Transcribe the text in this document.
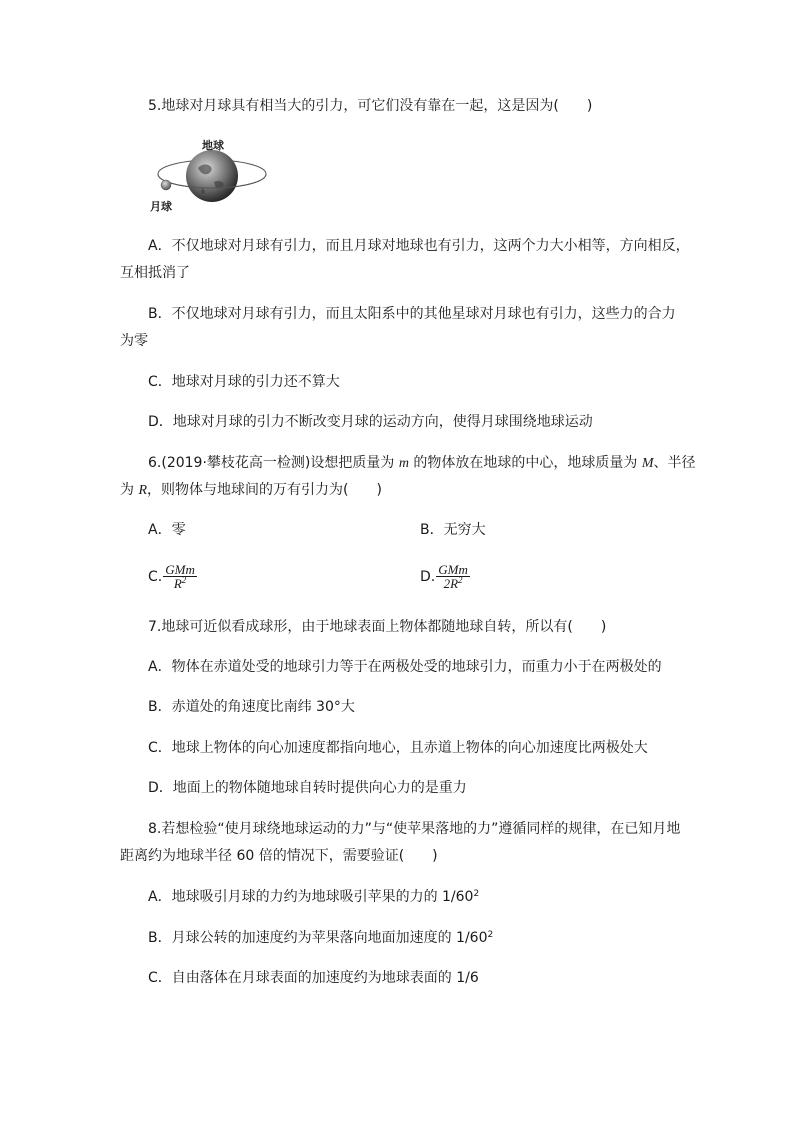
5.地球对月球具有相当大的引力，可它们没有靠在一起，这是因为(　　)
地球
月球
A．不仅地球对月球有引力，而且月球对地球也有引力，这两个力大小相等，方向相反，
互相抵消了
B．不仅地球对月球有引力，而且太阳系中的其他星球对月球也有引力，这些力的合力
为零
C．地球对月球的引力还不算大
D．地球对月球的引力不断改变月球的运动方向，使得月球围绕地球运动
6.(2019·攀枝花高一检测)设想把质量为 m 的物体放在地球的中心，地球质量为 M、半径
为 R，则物体与地球间的万有引力为(　　)
A．零	B．无穷大
C. $\frac{\text{GMm}}{R^2}$	D. $\frac{\text{GMm}}{2R^2}$
7.地球可近似看成球形，由于地球表面上物体都随地球自转，所以有(　　)
A．物体在赤道处受的地球引力等于在两极处受的地球引力，而重力小于在两极处的
B．赤道处的角速度比南纬 30°大
C．地球上物体的向心加速度都指向地心，且赤道上物体的向心加速度比两极处大
D．地面上的物体随地球自转时提供向心力的是重力
8.若想检验“使月球绕地球运动的力”与“使苹果落地的力”遵循同样的规律，在已知月地
距离约为地球半径 60 倍的情况下，需要验证(　　)
A．地球吸引月球的力约为地球吸引苹果的力的 $1/60^2$
B．月球公转的加速度约为苹果落向地面加速度的 $1/60^2$
C．自由落体在月球表面的加速度约为地球表面的 1/6
